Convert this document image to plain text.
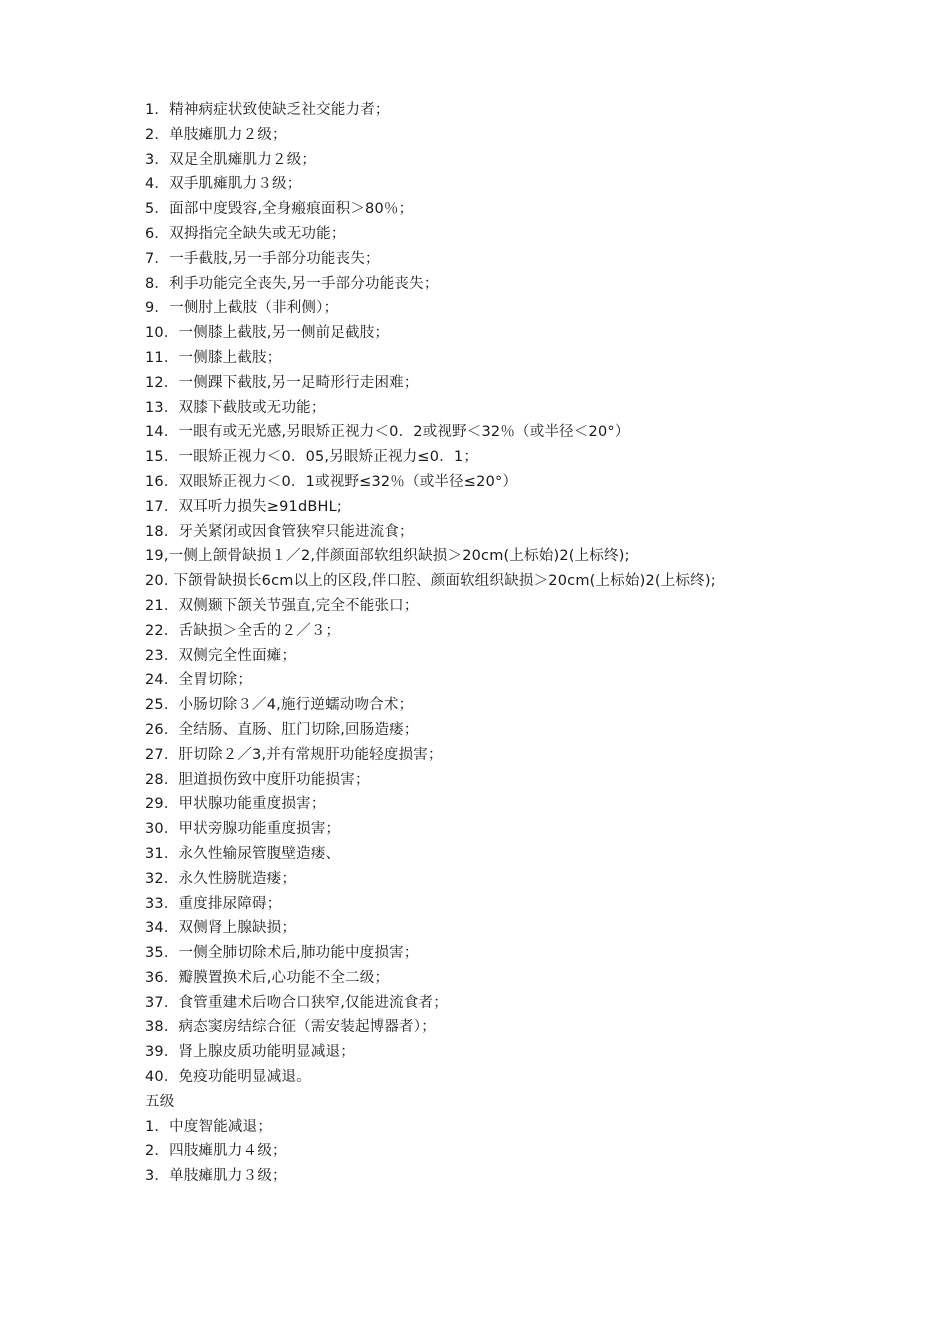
1．精神病症状致使缺乏社交能力者；
2．单肢瘫肌力２级；
3．双足全肌瘫肌力２级；
4．双手肌瘫肌力３级；
5．面部中度毁容,全身瘢痕面积＞80％；
6．双拇指完全缺失或无功能；
7．一手截肢,另一手部分功能丧失；
8．利手功能完全丧失,另一手部分功能丧失；
9．一侧肘上截肢（非利侧）；
10．一侧膝上截肢,另一侧前足截肢；
11．一侧膝上截肢；
12．一侧踝下截肢,另一足畸形行走困难；
13．双膝下截肢或无功能；
14．一眼有或无光感,另眼矫正视力＜0．2或视野＜32％（或半径＜20°）
15．一眼矫正视力＜0．05,另眼矫正视力≤0．1；
16．双眼矫正视力＜0．1或视野≤32％（或半径≤20°）
17．双耳听力损失≥91dBHL;
18．牙关紧闭或因食管狭窄只能进流食；
19,一侧上颌骨缺损１／2,伴颜面部软组织缺损＞20cm(上标始)2(上标终);
20. 下颌骨缺损长6cm以上的区段,伴口腔、颜面软组织缺损＞20cm(上标始)2(上标终);
21．双侧颞下颌关节强直,完全不能张口；
22．舌缺损＞全舌的２／３；
23．双侧完全性面瘫；
24．全胃切除；
25．小肠切除３／4,施行逆蠕动吻合术；
26．全结肠、直肠、肛门切除,回肠造瘘；
27．肝切除２／3,并有常规肝功能轻度损害；
28．胆道损伤致中度肝功能损害；
29．甲状腺功能重度损害；
30．甲状旁腺功能重度损害；
31．永久性输尿管腹壁造瘘、
32．永久性膀胱造瘘；
33．重度排尿障碍；
34．双侧肾上腺缺损；
35．一侧全肺切除术后,肺功能中度损害；
36．瓣膜置换术后,心功能不全二级；
37．食管重建术后吻合口狭窄,仅能进流食者；
38．病态窦房结综合征（需安装起博器者）；
39．肾上腺皮质功能明显减退；
40．免疫功能明显减退。
五级
1．中度智能减退；
2．四肢瘫肌力４级；
3．单肢瘫肌力３级；
